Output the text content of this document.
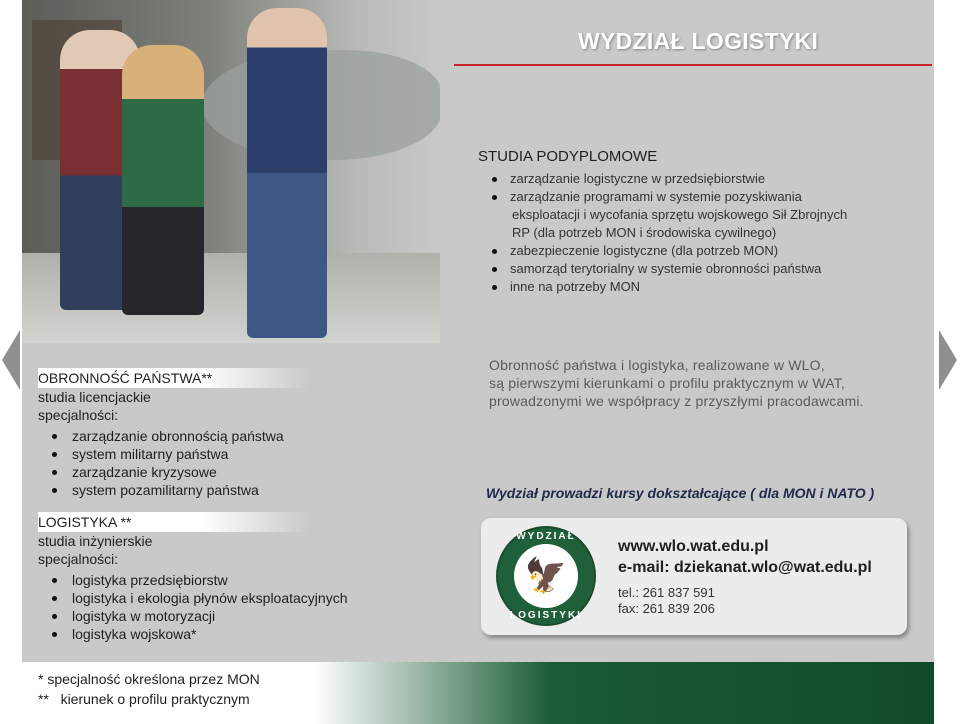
WYDZIAŁ LOGISTYKI
STUDIA PODYPLOMOWE
zarządzanie logistyczne w przedsiębiorstwie
zarządzanie programami w systemie pozyskiwania
eksploatacji i wycofania sprzętu wojskowego Sił Zbrojnych
RP (dla potrzeb MON i środowiska cywilnego)
zabezpieczenie logistyczne (dla potrzeb MON)
samorząd terytorialny w systemie obronności państwa
inne na potrzeby MON
OBRONNOŚĆ PAŃSTWA**
studia licencjackie
specjalności:
zarządzanie obronnością państwa
system militarny państwa
zarządzanie kryzysowe
system pozamilitarny państwa
LOGISTYKA **
studia inżynierskie
specjalności:
logistyka przedsiębiorstw
logistyka i ekologia płynów eksploatacyjnych
logistyka w motoryzacji
logistyka wojskowa*
Obronność państwa i logistyka, realizowane w WLO,
są pierwszymi kierunkami o profilu praktycznym w WAT,
prowadzonymi we współpracy z przyszłymi pracodawcami.
Wydział prowadzi kursy dokształcające ( dla MON i NATO )
WYDZIAŁ
🦅
LOGISTYKI
www.wlo.wat.edu.pl
e-mail: dziekanat.wlo@wat.edu.pl
tel.: 261 837 591
fax: 261 839 206
* specjalność określona przez MON
**   kierunek o profilu praktycznym
